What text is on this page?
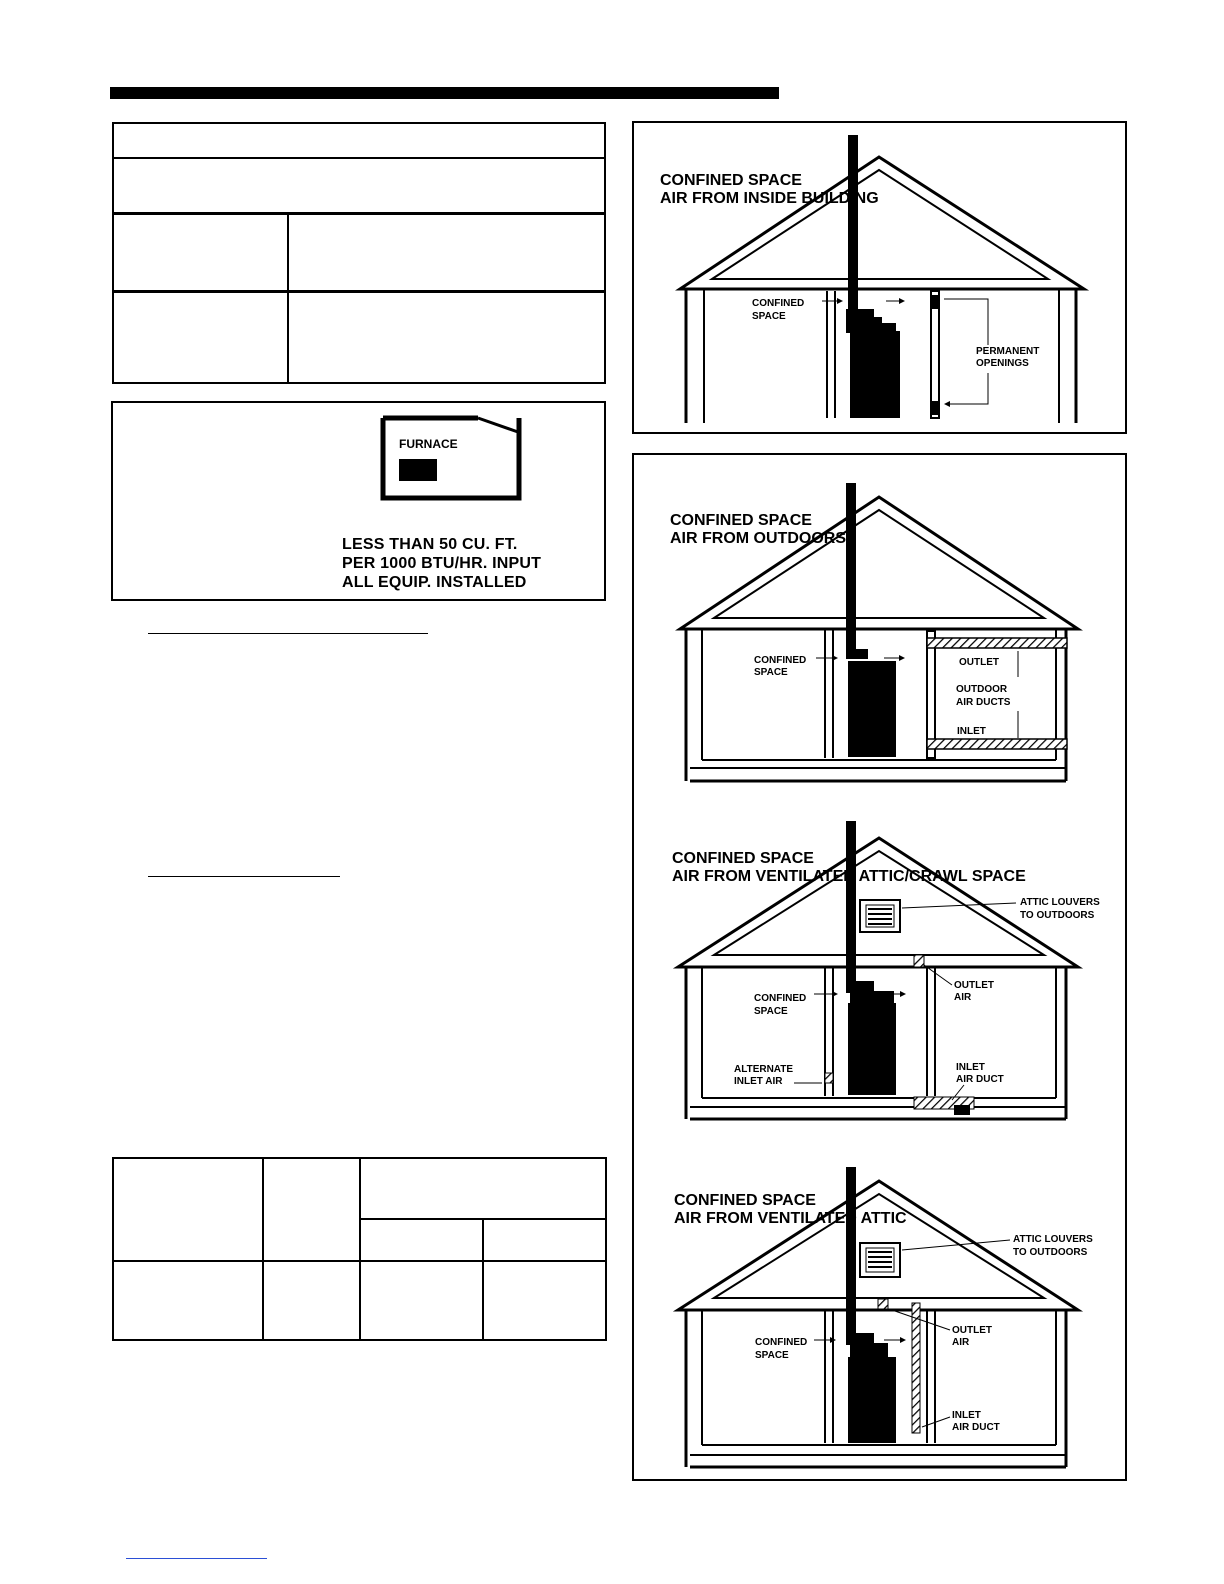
FURNACE
LESS THAN 50 CU. FT.
PER 1000 BTU/HR. INPUT
ALL EQUIP. INSTALLED
CONFINED SPACE
AIR FROM INSIDE BUILDING
CONFINED
SPACE
PERMANENT
OPENINGS
CONFINED SPACE
AIR FROM OUTDOORS
CONFINED
SPACE
OUTLET
OUTDOOR
AIR DUCTS
INLET
CONFINED SPACE
AIR FROM VENTILATED ATTIC/CRAWL SPACE
ATTIC LOUVERS
TO OUTDOORS
OUTLET
AIR
CONFINED
SPACE
ALTERNATE
INLET AIR
INLET
AIR DUCT
CONFINED SPACE
AIR FROM VENTILATED ATTIC
ATTIC LOUVERS
TO OUTDOORS
OUTLET
AIR
CONFINED
SPACE
INLET
AIR DUCT
